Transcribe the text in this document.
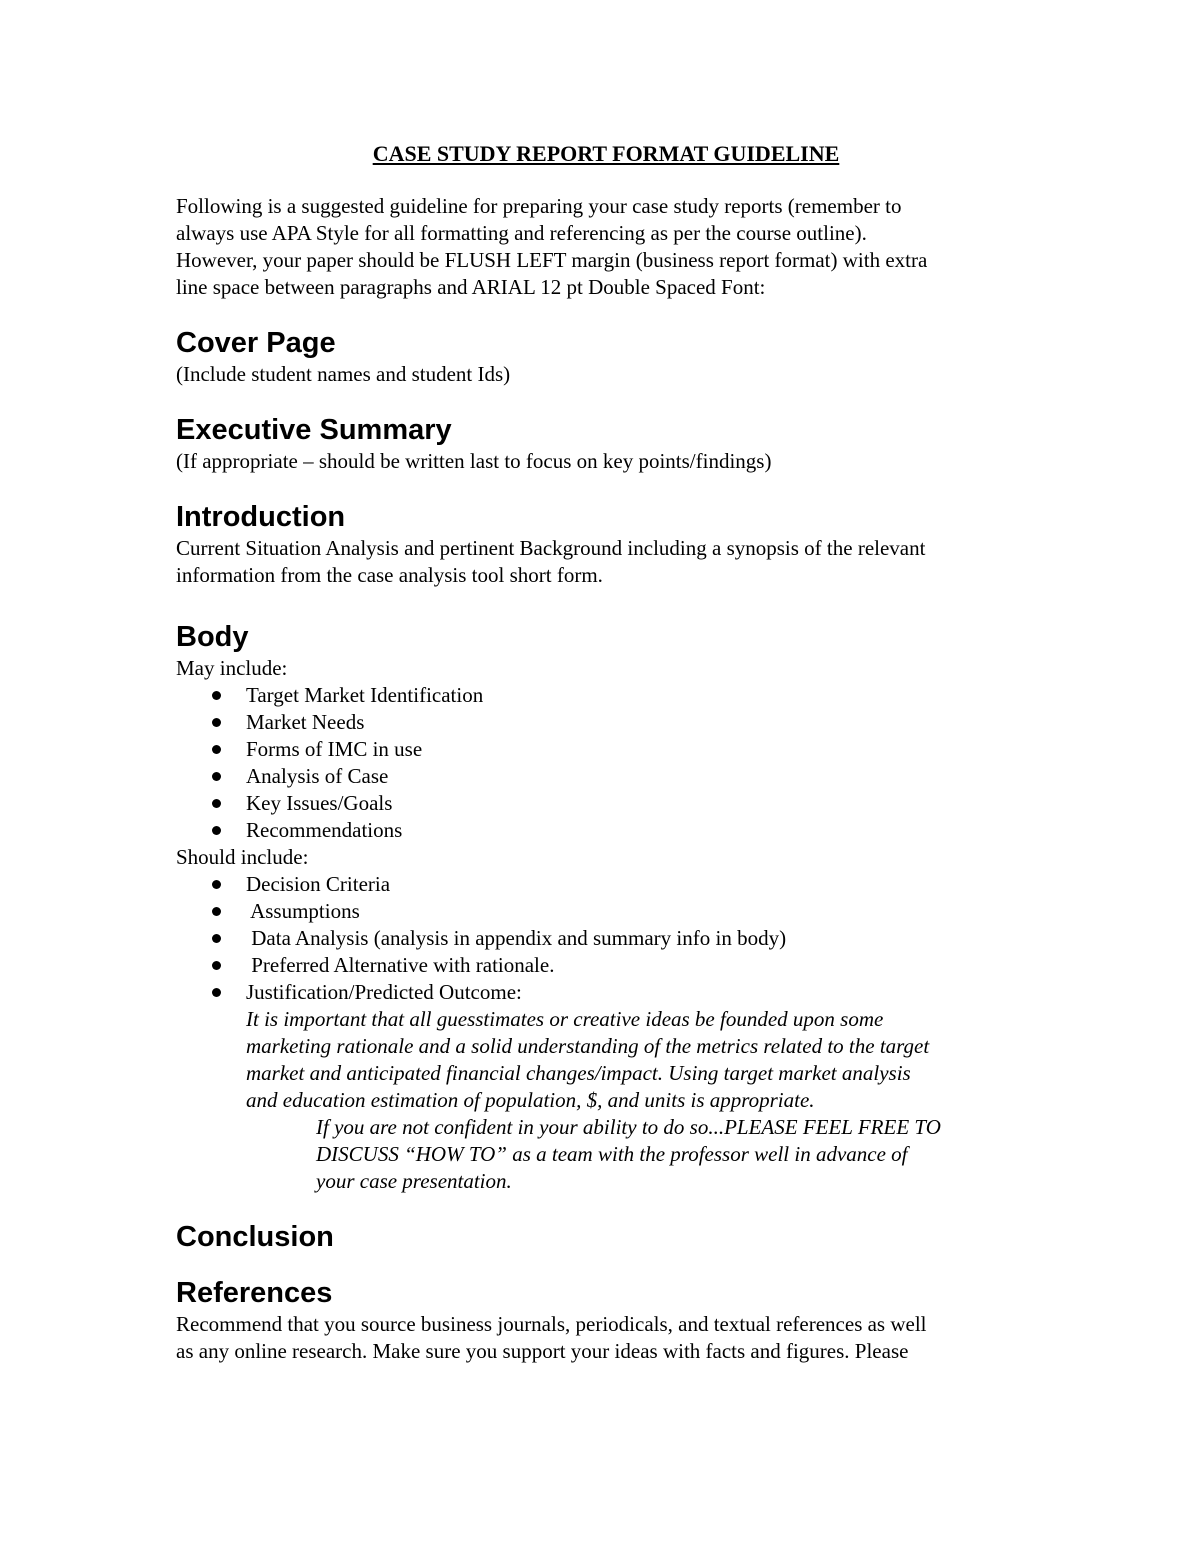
CASE STUDY REPORT FORMAT GUIDELINE

Following is a suggested guideline for preparing your case study reports (remember to

always use APA Style for all formatting and referencing as per the course outline).

However, your paper should be FLUSH LEFT margin (business report format) with extra

line space between paragraphs and ARIAL 12 pt Double Spaced Font:

Cover Page

(Include student names and student Ids)

Executive Summary

(If appropriate – should be written last to focus on key points/findings)

Introduction

Current Situation Analysis and pertinent Background including a synopsis of the relevant

information from the case analysis tool short form.

Body

May include:

Target Market Identification
Market Needs
Forms of IMC in use
Analysis of Case
Key Issues/Goals
Recommendations

Should include:

Decision Criteria
Assumptions
Data Analysis (analysis in appendix and summary info in body)
Preferred Alternative with rationale.
Justification/Predicted Outcome:

It is important that all guesstimates or creative ideas be founded upon some

marketing rationale and a solid understanding of the metrics related to the target

market and anticipated financial changes/impact. Using target market analysis

and education estimation of population, $, and units is appropriate.

If you are not confident in your ability to do so...PLEASE FEEL FREE TO

DISCUSS “HOW TO” as a team with the professor well in advance of

your case presentation.

Conclusion
References

Recommend that you source business journals, periodicals, and textual references as well

as any online research. Make sure you support your ideas with facts and figures. Please
